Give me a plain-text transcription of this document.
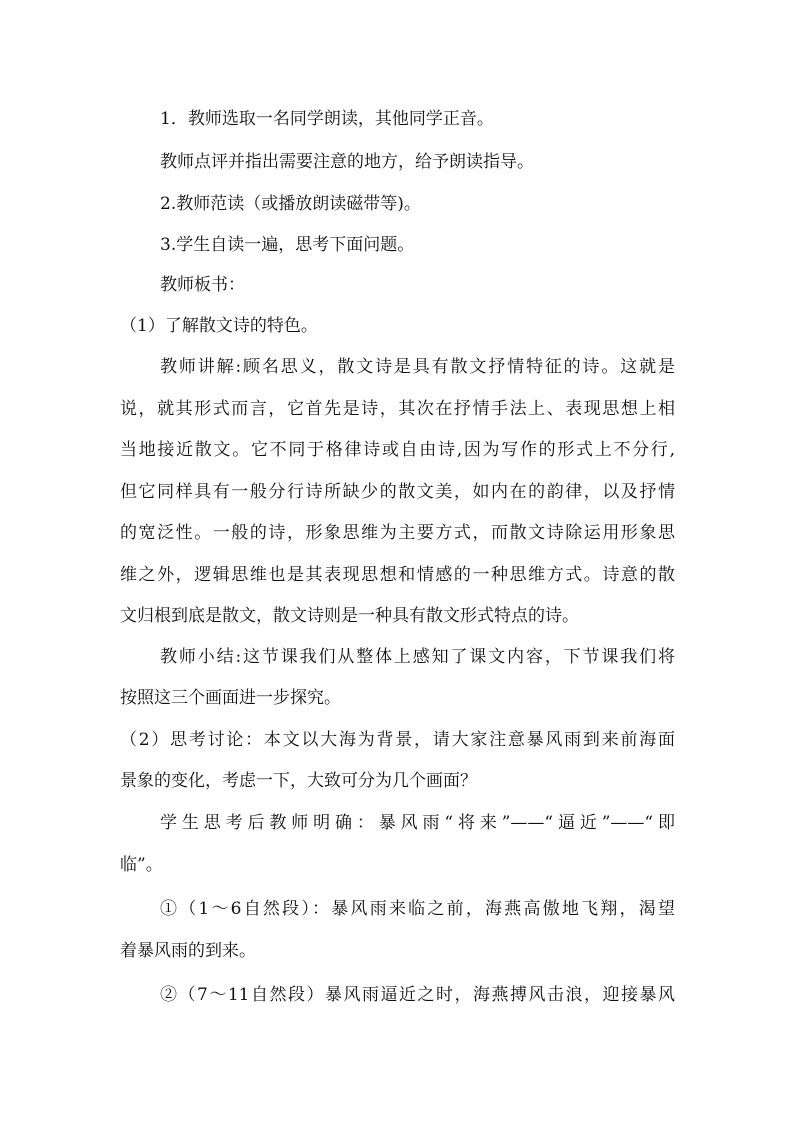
1．教师选取一名同学朗读，其他同学正音。
教师点评并指出需要注意的地方，给予朗读指导。
2.教师范读（或播放朗读磁带等)。
3.学生自读一遍，思考下面问题。
教师板书：
（1）了解散文诗的特色。
教师讲解:顾名思义，散文诗是具有散文抒情特征的诗。这就是
说，就其形式而言，它首先是诗，其次在抒情手法上、表现思想上相
当地接近散文。它不同于格律诗或自由诗,因为写作的形式上不分行,
但它同样具有一般分行诗所缺少的散文美，如内在的韵律，以及抒情
的宽泛性。一般的诗，形象思维为主要方式，而散文诗除运用形象思
维之外，逻辑思维也是其表现思想和情感的一种思维方式。诗意的散
文归根到底是散文，散文诗则是一种具有散文形式特点的诗。
教师小结:这节课我们从整体上感知了课文内容，下节课我们将
按照这三个画面进一步探究。
（2）思考讨论：本文以大海为背景，请大家注意暴风雨到来前海面
景象的变化，考虑一下，大致可分为几个画面？
学生思考后教师明确：暴风雨“将来”——“逼近”——“即
临”。
①（1～6自然段）：暴风雨来临之前，海燕高傲地飞翔，渴望
着暴风雨的到来。
②（7～11自然段）暴风雨逼近之时，海燕搏风击浪，迎接暴风
